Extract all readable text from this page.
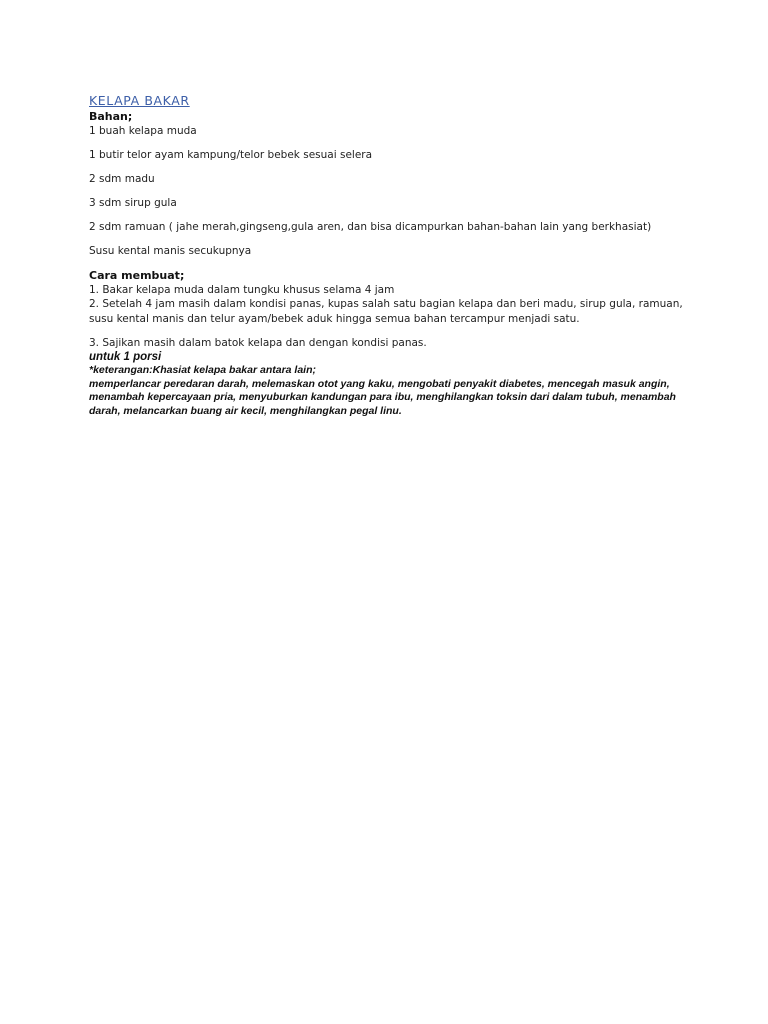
KELAPA BAKAR

Bahan;

1 buah kelapa muda

1 butir telor ayam kampung/telor bebek sesuai selera

2 sdm madu

3 sdm sirup gula

2 sdm ramuan ( jahe merah,gingseng,gula aren, dan bisa dicampurkan bahan-bahan lain yang berkhasiat)

Susu kental manis secukupnya

Cara membuat;

1. Bakar kelapa muda dalam tungku khusus selama 4 jam

2. Setelah 4 jam masih dalam kondisi panas, kupas salah satu bagian kelapa dan beri madu, sirup gula, ramuan, susu kental manis dan telur ayam/bebek aduk hingga semua bahan tercampur menjadi satu.

3. Sajikan masih dalam batok kelapa dan dengan kondisi panas.

untuk 1 porsi

*keterangan:Khasiat kelapa bakar antara lain;

memperlancar peredaran darah, melemaskan otot yang kaku, mengobati penyakit diabetes, mencegah masuk angin, menambah kepercayaan pria, menyuburkan kandungan para ibu, menghilangkan toksin dari dalam tubuh, menambah darah, melancarkan buang air kecil, menghilangkan pegal linu.
